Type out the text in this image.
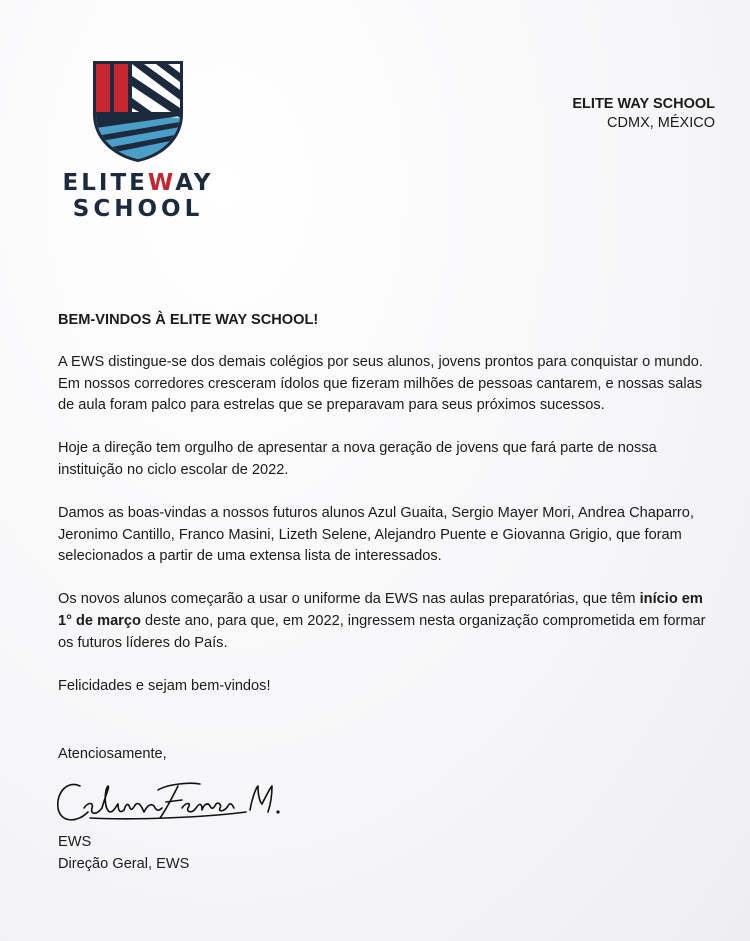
ELITEWAY
SCHOOL
ELITE WAY SCHOOL
CDMX, MÉXICO

BEM-VINDOS À ELITE WAY SCHOOL!

A EWS distingue-se dos demais colégios por seus alunos, jovens prontos para conquistar o mundo. Em nossos corredores cresceram ídolos que fizeram milhões de pessoas cantarem, e nossas salas de aula foram palco para estrelas que se preparavam para seus próximos sucessos.

Hoje a direção tem orgulho de apresentar a nova geração de jovens que fará parte de nossa instituição no ciclo escolar de 2022.

Damos as boas-vindas a nossos futuros alunos Azul Guaita, Sergio Mayer Mori, Andrea Chaparro, Jeronimo Cantillo, Franco Masini, Lizeth Selene, Alejandro Puente e Giovanna Grigio, que foram selecionados a partir de uma extensa lista de interessados.

Os novos alunos começarão a usar o uniforme da EWS nas aulas preparatórias, que têm início em 1° de março deste ano, para que, em 2022, ingressem nesta organização comprometida em formar os futuros líderes do País.

Felicidades e sejam bem-vindos!

Atenciosamente,
Celina Ferrer M.
EWS
Direção Geral, EWS
